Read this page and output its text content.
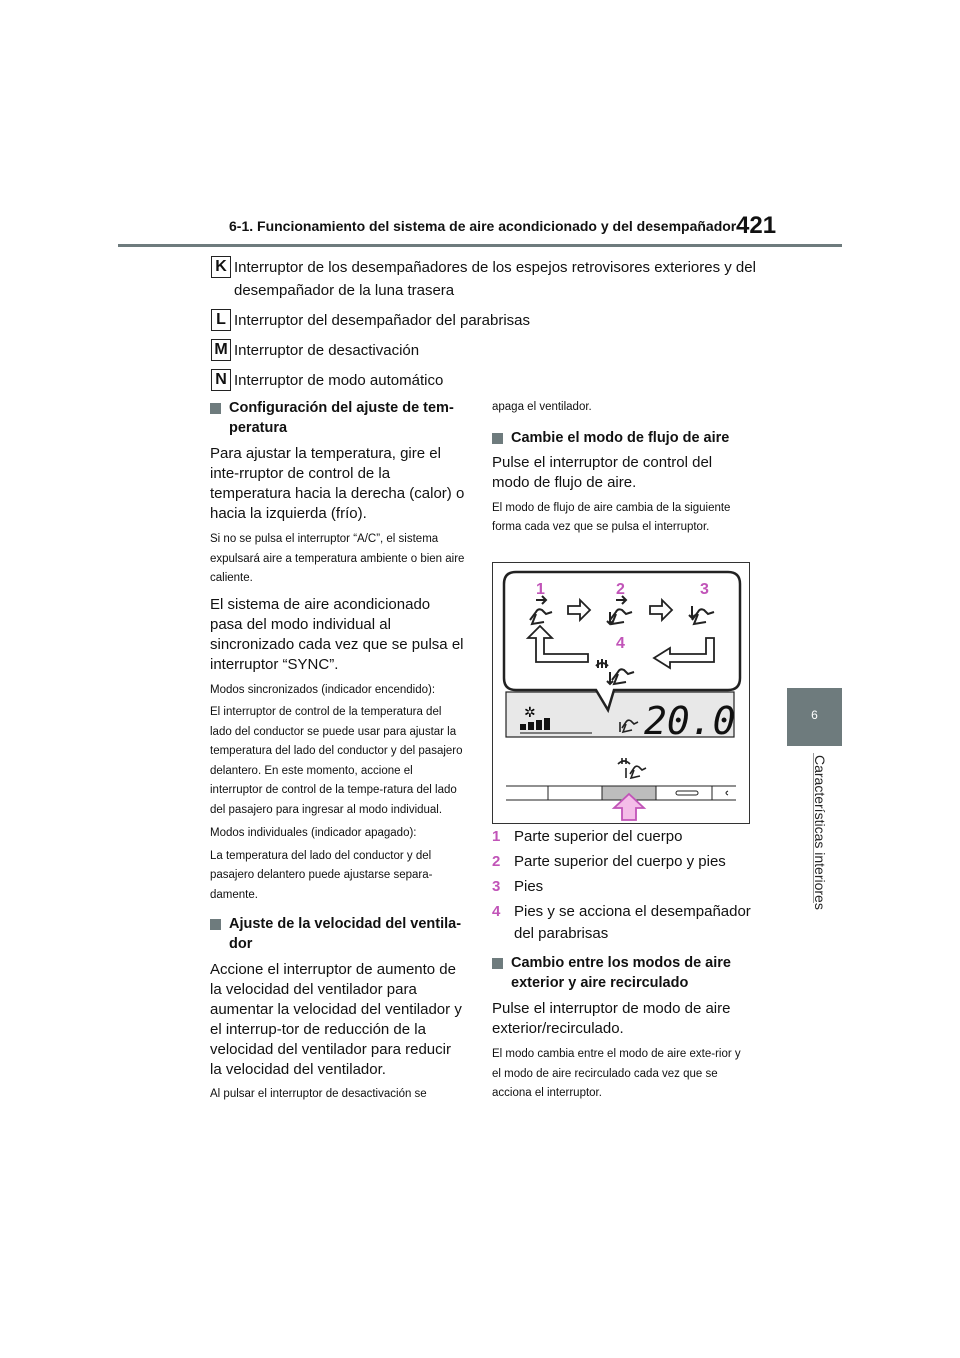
6-1. Funcionamiento del sistema de aire acondicionado y del desempañador 421
6
Características interiores
K Interruptor de los desempañadores de los espejos retrovisores exteriores y del desempañador de la luna trasera
L Interruptor del desempañador del parabrisas
M Interruptor de desactivación
N Interruptor de modo automático

Configuración del ajuste de tem-peratura

Para ajustar la temperatura, gire el inte-rruptor de control de la temperatura hacia la derecha (calor) o hacia la izquierda (frío).

Si no se pulsa el interruptor “A/C”, el sistema expulsará aire a temperatura ambiente o bien aire caliente.

El sistema de aire acondicionado pasa del modo individual al sincronizado cada vez que se pulsa el interruptor “SYNC”.

Modos sincronizados (indicador encendido):

El interruptor de control de la temperatura del lado del conductor se puede usar para ajustar la temperatura del lado del conductor y del pasajero delantero. En este momento, accione el interruptor de control de la tempe-ratura del lado del pasajero para ingresar al modo individual.

Modos individuales (indicador apagado):

La temperatura del lado del conductor y del pasajero delantero puede ajustarse separa-damente.

Ajuste de la velocidad del ventila-dor

Accione el interruptor de aumento de la velocidad del ventilador para aumentar la velocidad del ventilador y el interrup-tor de reducción de la velocidad del ventilador para reducir la velocidad del ventilador.

Al pulsar el interruptor de desactivación se

apaga el ventilador.

Cambie el modo de flujo de aire

Pulse el interruptor de control del modo de flujo de aire.

El modo de flujo de aire cambia de la siguiente forma cada vez que se pulsa el interruptor.

1	2	3
4
✲	20.0
1 Parte superior del cuerpo
2 Parte superior del cuerpo y pies
3 Pies
4 Pies y se acciona el desempañador del parabrisas

Cambio entre los modos de aire exterior y aire recirculado

Pulse el interruptor de modo de aire exterior/recirculado.

El modo cambia entre el modo de aire exte-rior y el modo de aire recirculado cada vez que se acciona el interruptor.
